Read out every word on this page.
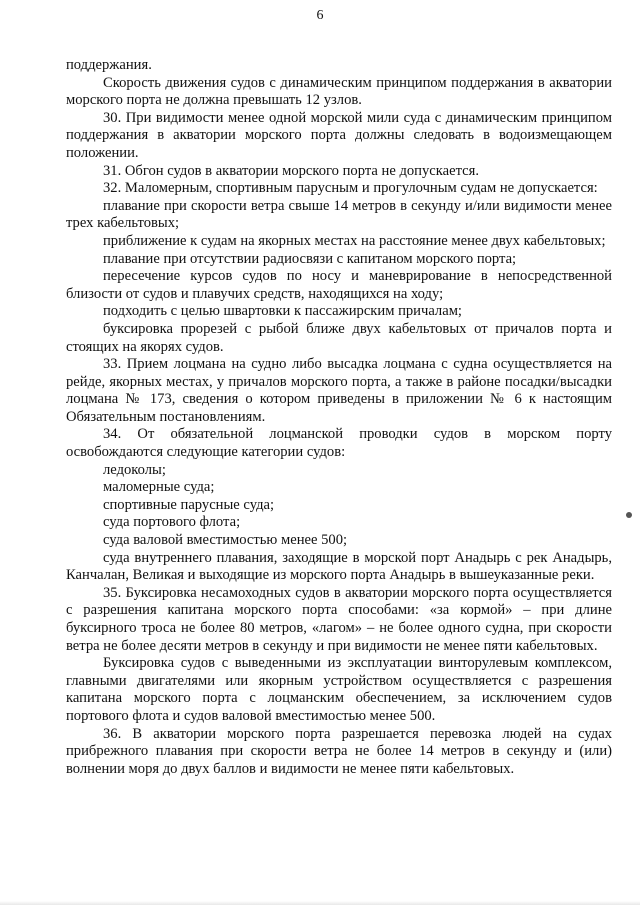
6

поддержания.

Скорость движения судов с динамическим принципом поддержания в акватории морского порта не должна превышать 12 узлов.

30. При видимости менее одной морской мили суда с динамическим принципом поддержания в акватории морского порта должны следовать в водоизмещающем положении.

31. Обгон судов в акватории морского порта не допускается.

32. Маломерным, спортивным парусным и прогулочным судам не допускается:

плавание при скорости ветра свыше 14 метров в секунду и/или видимости менее трех кабельтовых;

приближение к судам на якорных местах на расстояние менее двух кабельтовых;

плавание при отсутствии радиосвязи с капитаном морского порта;

пересечение курсов судов по носу и маневрирование в непосредственной близости от судов и плавучих средств, находящихся на ходу;

подходить с целью швартовки к пассажирским причалам;

буксировка прорезей с рыбой ближе двух кабельтовых от причалов порта и стоящих на якорях судов.

33. Прием лоцмана на судно либо высадка лоцмана с судна осуществляется на рейде, якорных местах, у причалов морского порта, а также в районе посадки/высадки лоцмана № 173, сведения о котором приведены в приложении № 6 к настоящим Обязательным постановлениям.

34. От обязательной лоцманской проводки судов в морском порту освобождаются следующие категории судов:

ледоколы;

маломерные суда;

спортивные парусные суда;

суда портового флота;

суда валовой вместимостью менее 500;

суда внутреннего плавания, заходящие в морской порт Анадырь с рек Анадырь, Канчалан, Великая и выходящие из морского порта Анадырь в вышеуказанные реки.

35. Буксировка несамоходных судов в акватории морского порта осуществляется с разрешения капитана морского порта способами: «за кормой» – при длине буксирного троса не более 80 метров, «лагом» – не более одного судна, при скорости ветра не более десяти метров в секунду и при видимости не менее пяти кабельтовых.

Буксировка судов с выведенными из эксплуатации винторулевым комплексом, главными двигателями или якорным устройством осуществляется с разрешения капитана морского порта с лоцманским обеспечением, за исключением судов портового флота и судов валовой вместимостью менее 500.

36. В акватории морского порта разрешается перевозка людей на судах прибрежного плавания при скорости ветра не более 14 метров в секунду и (или) волнении моря до двух баллов и видимости не менее пяти кабельтовых.
